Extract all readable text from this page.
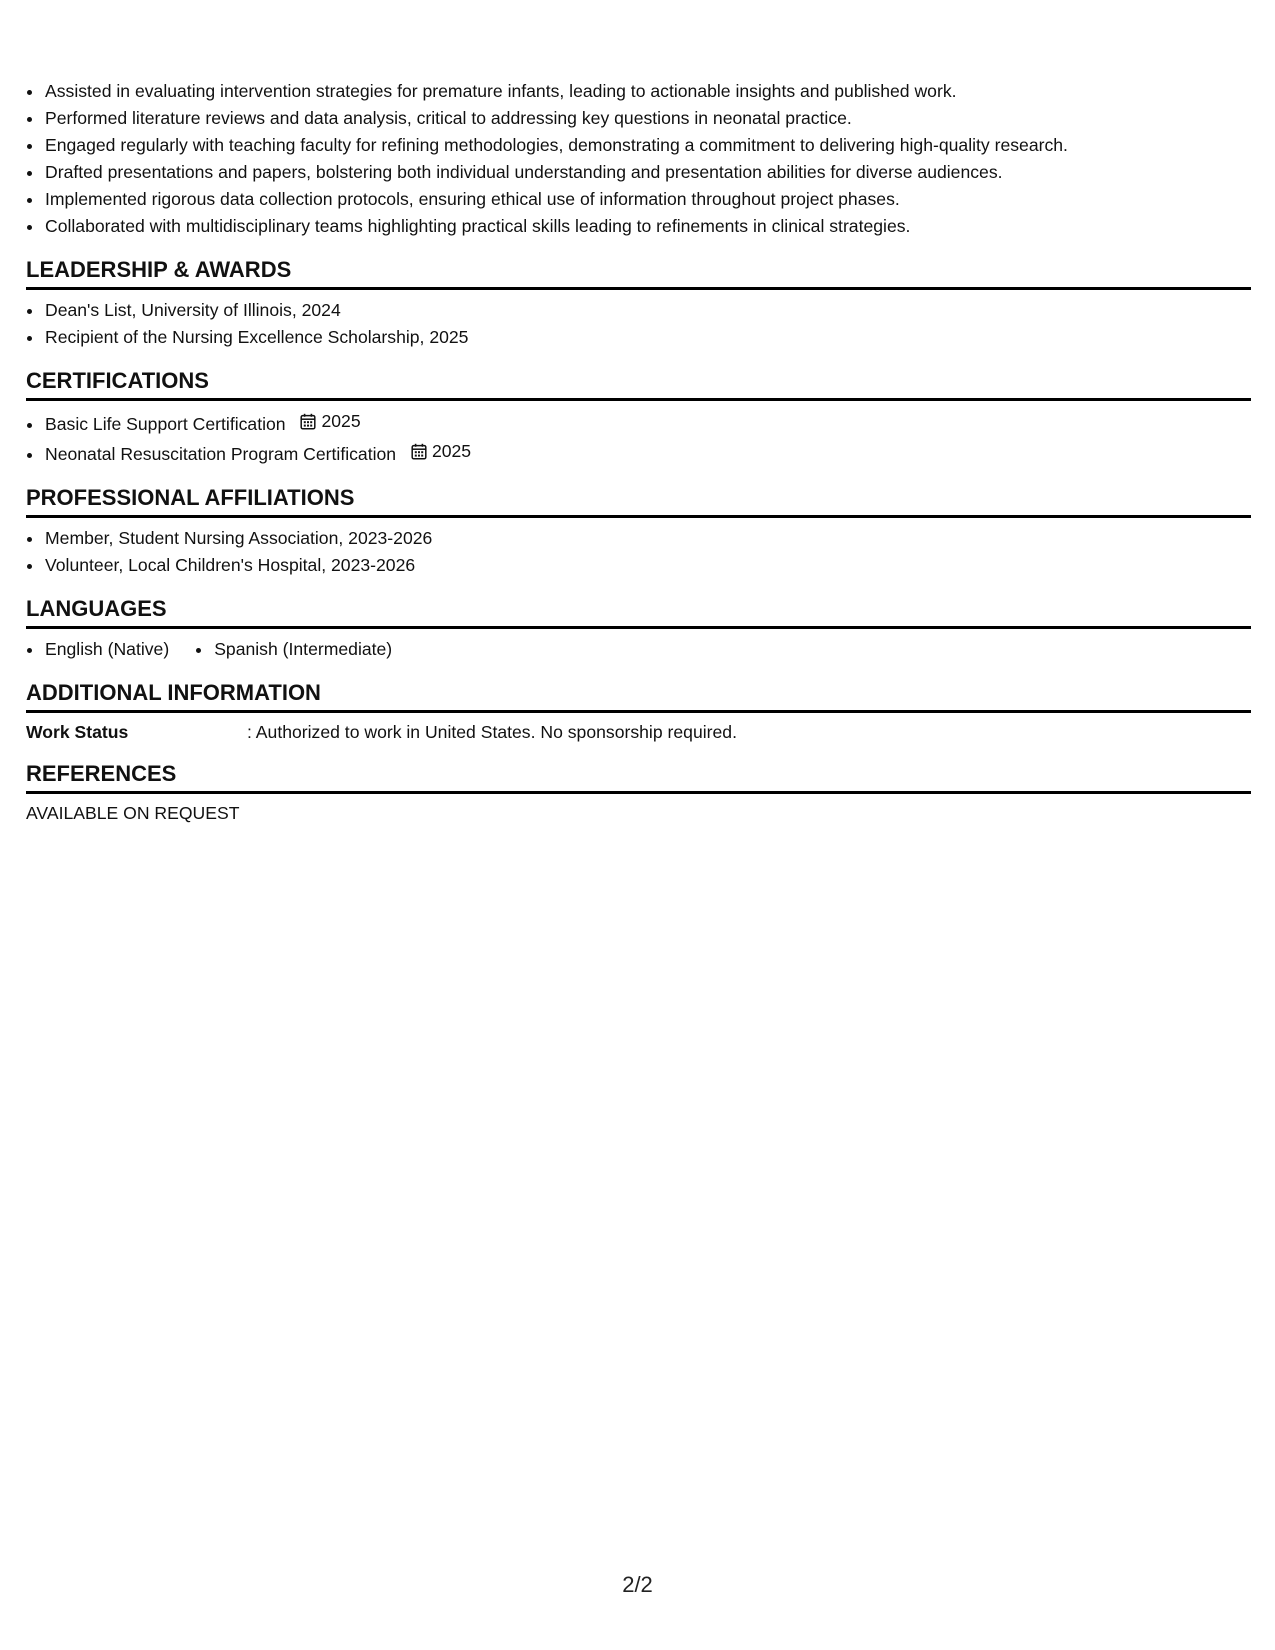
• Assisted in evaluating intervention strategies for premature infants, leading to actionable insights and published work.
• Performed literature reviews and data analysis, critical to addressing key questions in neonatal practice.
• Engaged regularly with teaching faculty for refining methodologies, demonstrating a commitment to delivering high-quality research.
• Drafted presentations and papers, bolstering both individual understanding and presentation abilities for diverse audiences.
• Implemented rigorous data collection protocols, ensuring ethical use of information throughout project phases.
• Collaborated with multidisciplinary teams highlighting practical skills leading to refinements in clinical strategies.
LEADERSHIP & AWARDS
• Dean's List, University of Illinois, 2024
• Recipient of the Nursing Excellence Scholarship, 2025
CERTIFICATIONS
• Basic Life Support Certification 2025
• Neonatal Resuscitation Program Certification 2025
PROFESSIONAL AFFILIATIONS
• Member, Student Nursing Association, 2023-2026
• Volunteer, Local Children's Hospital, 2023-2026
LANGUAGES
• English (Native)
•	Spanish (Intermediate)
ADDITIONAL INFORMATION
Work Status	: Authorized to work in United States. No sponsorship required.
REFERENCES
AVAILABLE ON REQUEST
2/2
